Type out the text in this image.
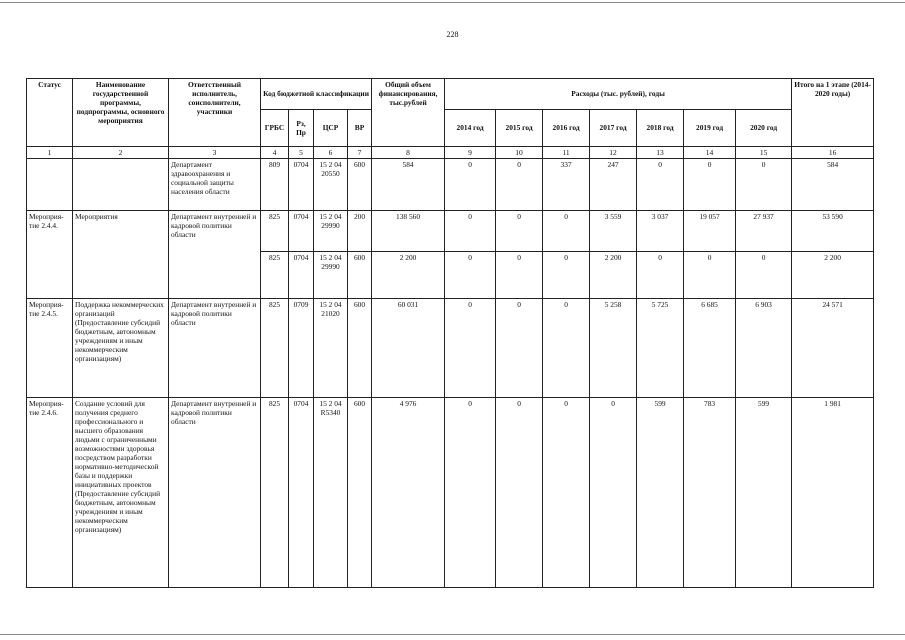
228
Статус	Наименование государственной программы, подпрограммы, основного мероприятия	Ответственный исполнитель, соисполнители, участники	Код бюджетной классификации				Общий объем финансирования, тыс.рублей	Расходы (тыс. рублей), годы							Итого на 1 этапе (2014-2020 годы)
			ГРБС	Рз, Пр	ЦСР	ВР		2014 год	2015 год	2016 год	2017 год	2018 год	2019 год	2020 год	
1	2	3	4	5	6	7	8	9	10	11	12	13	14	15	16
		Департамент здравоохранения и социальной защиты населения области	809	0704	15 2 04 20550	600	584	0	0	337	247	0	0	0	584
Мероприя-тие 2.4.4.	Мероприятия	Департамент внутренней и кадровой политики области	825	0704	15 2 04 29990	200	138 560	0	0	0	3 559	3 037	19 057	27 937	53 590
			825	0704	15 2 04 29990	600	2 200	0	0	0	2 200	0	0	0	2 200
Мероприя-тие 2.4.5.	Поддержка некоммерческих организаций (Предоставление субсидий бюджетным, автономным учреждениям и иным некоммерческим организациям)	Департамент внутренней и кадровой политики области	825	0709	15 2 04 21020	600	60 031	0	0	0	5 258	5 725	6 685	6 903	24 571
Мероприя-тие 2.4.6.	Создание условий для получения среднего профессионального и высшего образования людьми с ограниченными возможностями здоровья посредством разработки нормативно-методической базы и поддержки инициативных проектов (Предоставление субсидий бюджетным, автономным учреждениям и иным некоммерческим организациям)	Департамент внутренней и кадровой политики области	825	0704	15 2 04 R5340	600	4 976	0	0	0	0	599	783	599	1 981
